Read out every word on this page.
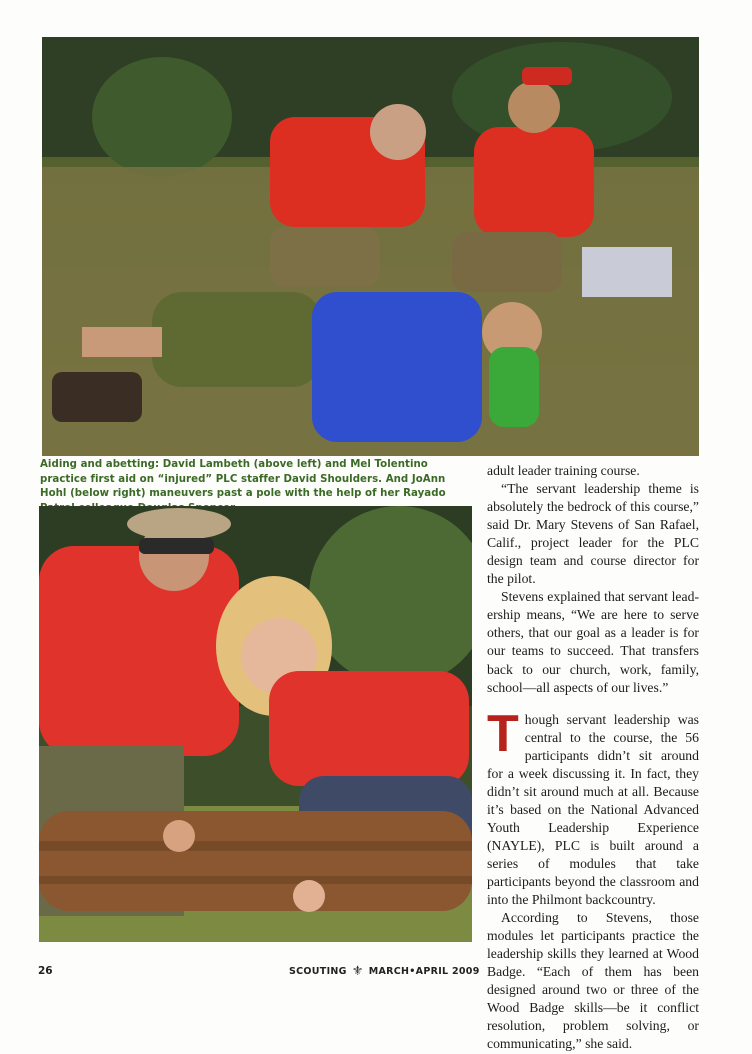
Aiding and abetting: David Lambeth (above left) and Mel Tolentino practice first aid on “injured” PLC staffer David Shoulders. And JoAnn Hohl (below right) maneuvers past a pole with the help of her Rayado

adult leader training course.

“The servant leadership theme is absolutely the bedrock of this course,” said Dr. Mary Stevens of San Rafael, Calif., project leader for the PLC design team and course director for the pilot.

Stevens explained that servant leadership means, “We are here to serve others, that our goal as a leader is for our teams to succeed. That transfers back to our church, work, family, school—all aspects of our lives.”

Though servant leadership was central to the course, the 56 participants didn’t sit around for a week discussing it. In fact, they didn’t sit around much at all. Because it’s based on the National Advanced Youth Leadership Experience (NAYLE), PLC is built around a series of modules that take participants beyond the classroom and into the Philmont backcountry.

According to Stevens, those modules let participants practice the leadership skills they learned at Wood Badge. “Each of them has been designed around two or three of the Wood Badge skills—be it conflict resolution, problem solving, or communicating,” she said.

26	SCOUTING ⚜ MARCH•APRIL 2009
